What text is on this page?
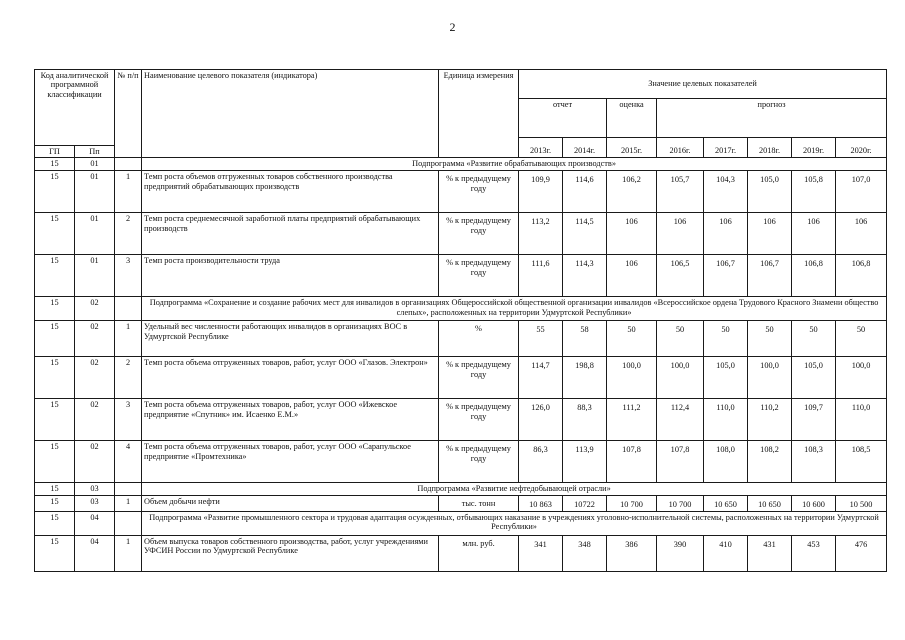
2
Код аналитической программной классификации		№ п/п	Наименование целевого показателя (индикатора)	Единица измерения	Значение целевых показателей							
					отчет		оценка	прогноз				
					2013г.	2014г.	2015г.	2016г.	2017г.	2018г.	2019г.	2020г.
ГП	Пп											
15	01		Подпрограмма «Развитие обрабатывающих производств»									
15	01	1	Темп роста объемов отгруженных товаров собственного производства предприятий обрабатывающих производств	% к предыдущему году	109,9	114,6	106,2	105,7	104,3	105,0	105,8	107,0
15	01	2	Темп роста среднемесячной заработной платы предприятий обрабатывающих производств	% к предыдущему году	113,2	114,5	106	106	106	106	106	106
15	01	3	Темп роста производительности труда	% к предыдущему году	111,6	114,3	106	106,5	106,7	106,7	106,8	106,8
15	02		Подпрограмма «Сохранение и создание рабочих мест для инвалидов в организациях Общероссийской общественной организации инвалидов «Всероссийское ордена Трудового Красного Знамени общество слепых», расположенных на территории Удмуртской Республики»									
15	02	1	Удельный вес численности работающих инвалидов в организациях ВОС в Удмуртской Республике	%	55	58	50	50	50	50	50	50
15	02	2	Темп роста объема отгруженных товаров, работ, услуг ООО «Глазов. Электрон»	% к предыдущему году	114,7	198,8	100,0	100,0	105,0	100,0	105,0	100,0
15	02	3	Темп роста объема отгруженных товаров, работ, услуг ООО «Ижевское предприятие «Спутник» им. Исаенко Е.М.»	% к предыдущему году	126,0	88,3	111,2	112,4	110,0	110,2	109,7	110,0
15	02	4	Темп роста объема отгруженных товаров, работ, услуг ООО «Сарапульское предприятие «Промтехника»	% к предыдущему году	86,3	113,9	107,8	107,8	108,0	108,2	108,3	108,5
15	03		Подпрограмма «Развитие нефтедобывающей отрасли»									
15	03	1	Объем добычи нефти	тыс. тонн	10 863	10722	10 700	10 700	10 650	10 650	10 600	10 500
15	04		Подпрограмма «Развитие промышленного сектора и трудовая адаптация осужденных, отбывающих наказание в учреждениях уголовно-исполнительной системы, расположенных на территории Удмуртской Республики»									
15	04	1	Объем выпуска товаров собственного производства, работ, услуг учреждениями УФСИН России по Удмуртской Республике	млн. руб.	341	348	386	390	410	431	453	476
